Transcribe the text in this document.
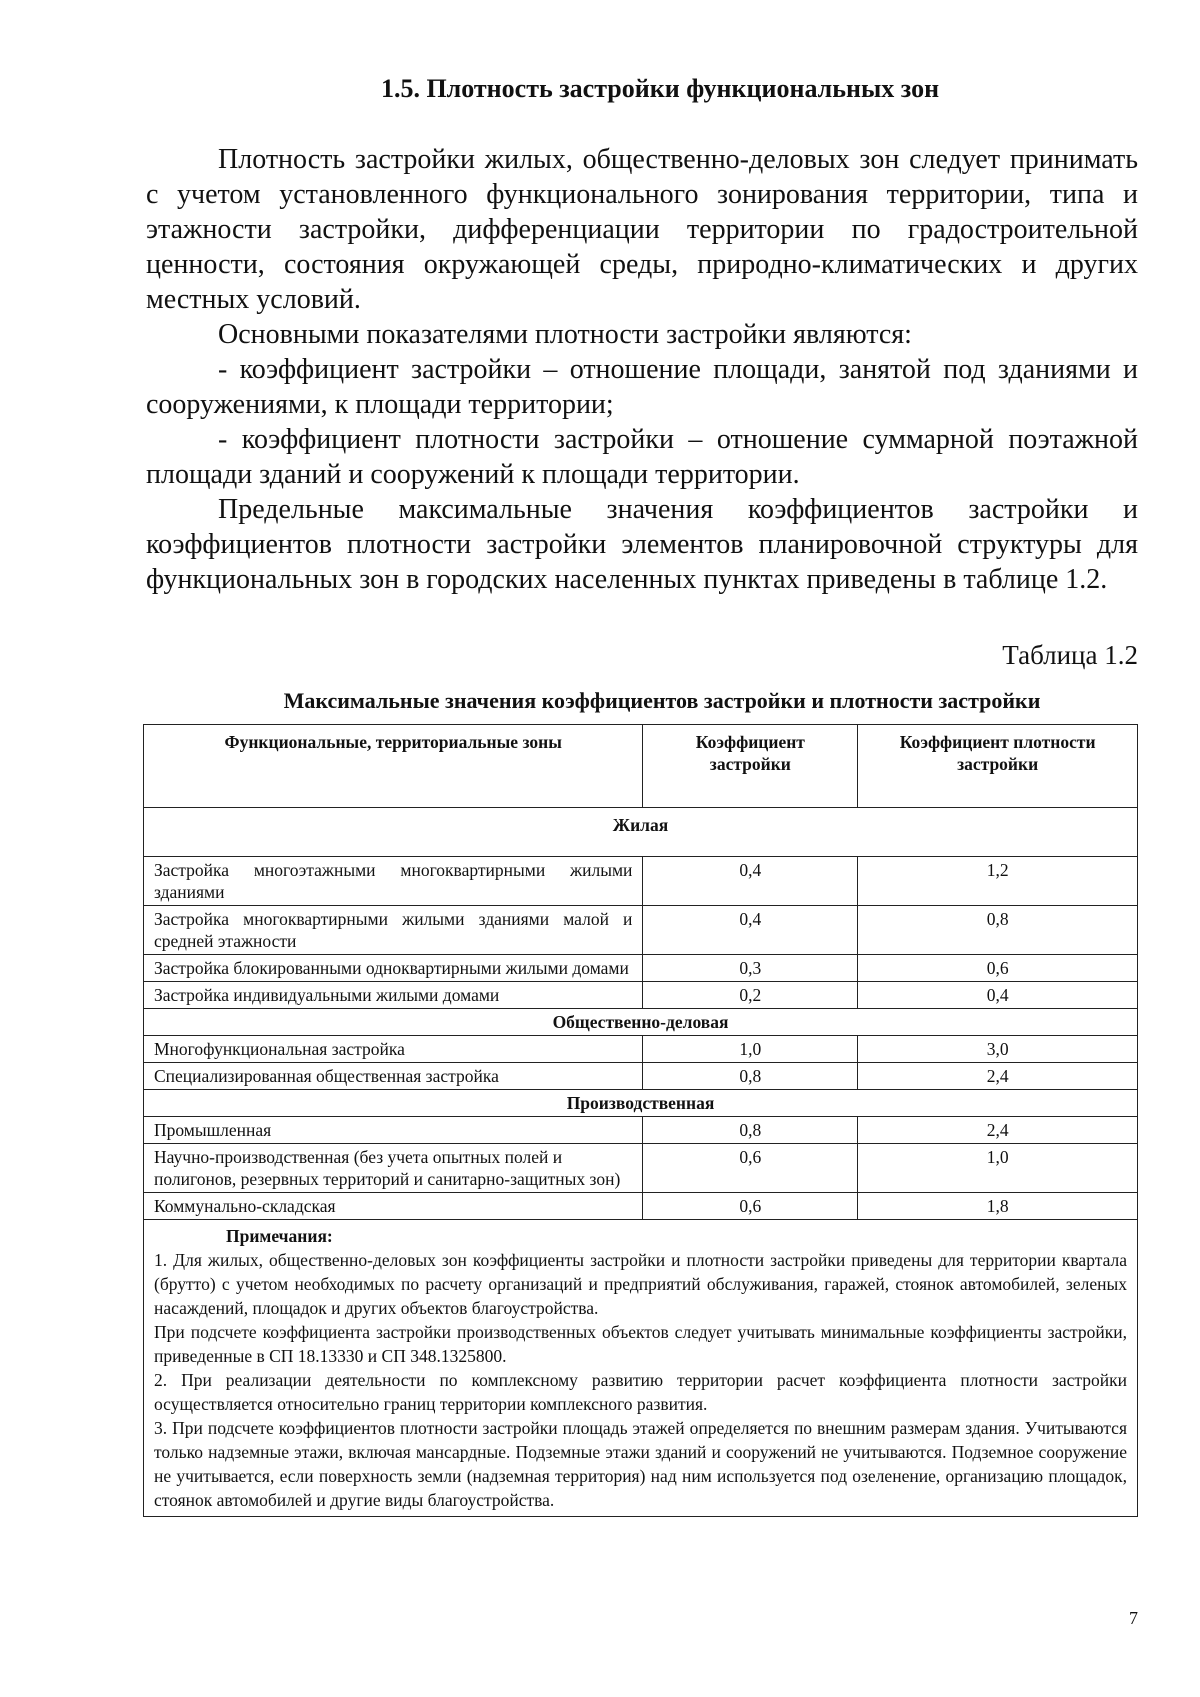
1.5. Плотность застройки функциональных зон

Плотность застройки жилых, общественно-деловых зон следует принимать с учетом установленного функционального зонирования территории, типа и этажности застройки, дифференциации территории по градостроительной ценности, состояния окружающей среды, природно-климатических и других местных условий.

Основными показателями плотности застройки являются:

- коэффициент застройки – отношение площади, занятой под зданиями и сооружениями, к площади территории;

- коэффициент плотности застройки – отношение суммарной поэтажной площади зданий и сооружений к площади территории.

Предельные максимальные значения коэффициентов застройки и коэффициентов плотности застройки элементов планировочной структуры для функциональных зон в городских населенных пунктах приведены в таблице 1.2.

Таблица 1.2
Максимальные значения коэффициентов застройки и плотности застройки
Функциональные, территориальные зоны	Коэффициент застройки	Коэффициент плотности застройки
Жилая		
Застройка многоэтажными многоквартирными жилыми зданиями	0,4	1,2
Застройка многоквартирными жилыми зданиями малой и средней этажности	0,4	0,8
Застройка блокированными одноквартирными жилыми домами	0,3	0,6
Застройка индивидуальными жилыми домами	0,2	0,4
Общественно-деловая		
Многофункциональная застройка	1,0	3,0
Специализированная общественная застройка	0,8	2,4
Производственная		
Промышленная	0,8	2,4
Научно-производственная (без учета опытных полей и полигонов, резервных территорий и санитарно-защитных зон)	0,6	1,0
Коммунально-складская	0,6	1,8

Примечания:

1. Для жилых, общественно-деловых зон коэффициенты застройки и плотности застройки приведены для территории квартала (брутто) с учетом необходимых по расчету организаций и предприятий обслуживания, гаражей, стоянок автомобилей, зеленых насаждений, площадок и других объектов благоустройства.

При подсчете коэффициента застройки производственных объектов следует учитывать минимальные коэффициенты застройки, приведенные в СП 18.13330 и СП 348.1325800.

2. При реализации деятельности по комплексному развитию территории расчет коэффициента плотности застройки осуществляется относительно границ территории комплексного развития.

3. При подсчете коэффициентов плотности застройки площадь этажей определяется по внешним размерам здания. Учитываются только надземные этажи, включая мансардные. Подземные этажи зданий и сооружений не учитываются. Подземное сооружение не учитывается, если поверхность земли (надземная территория) над ним используется под озеленение, организацию площадок, стоянок автомобилей и другие виды благоустройства.		

7
